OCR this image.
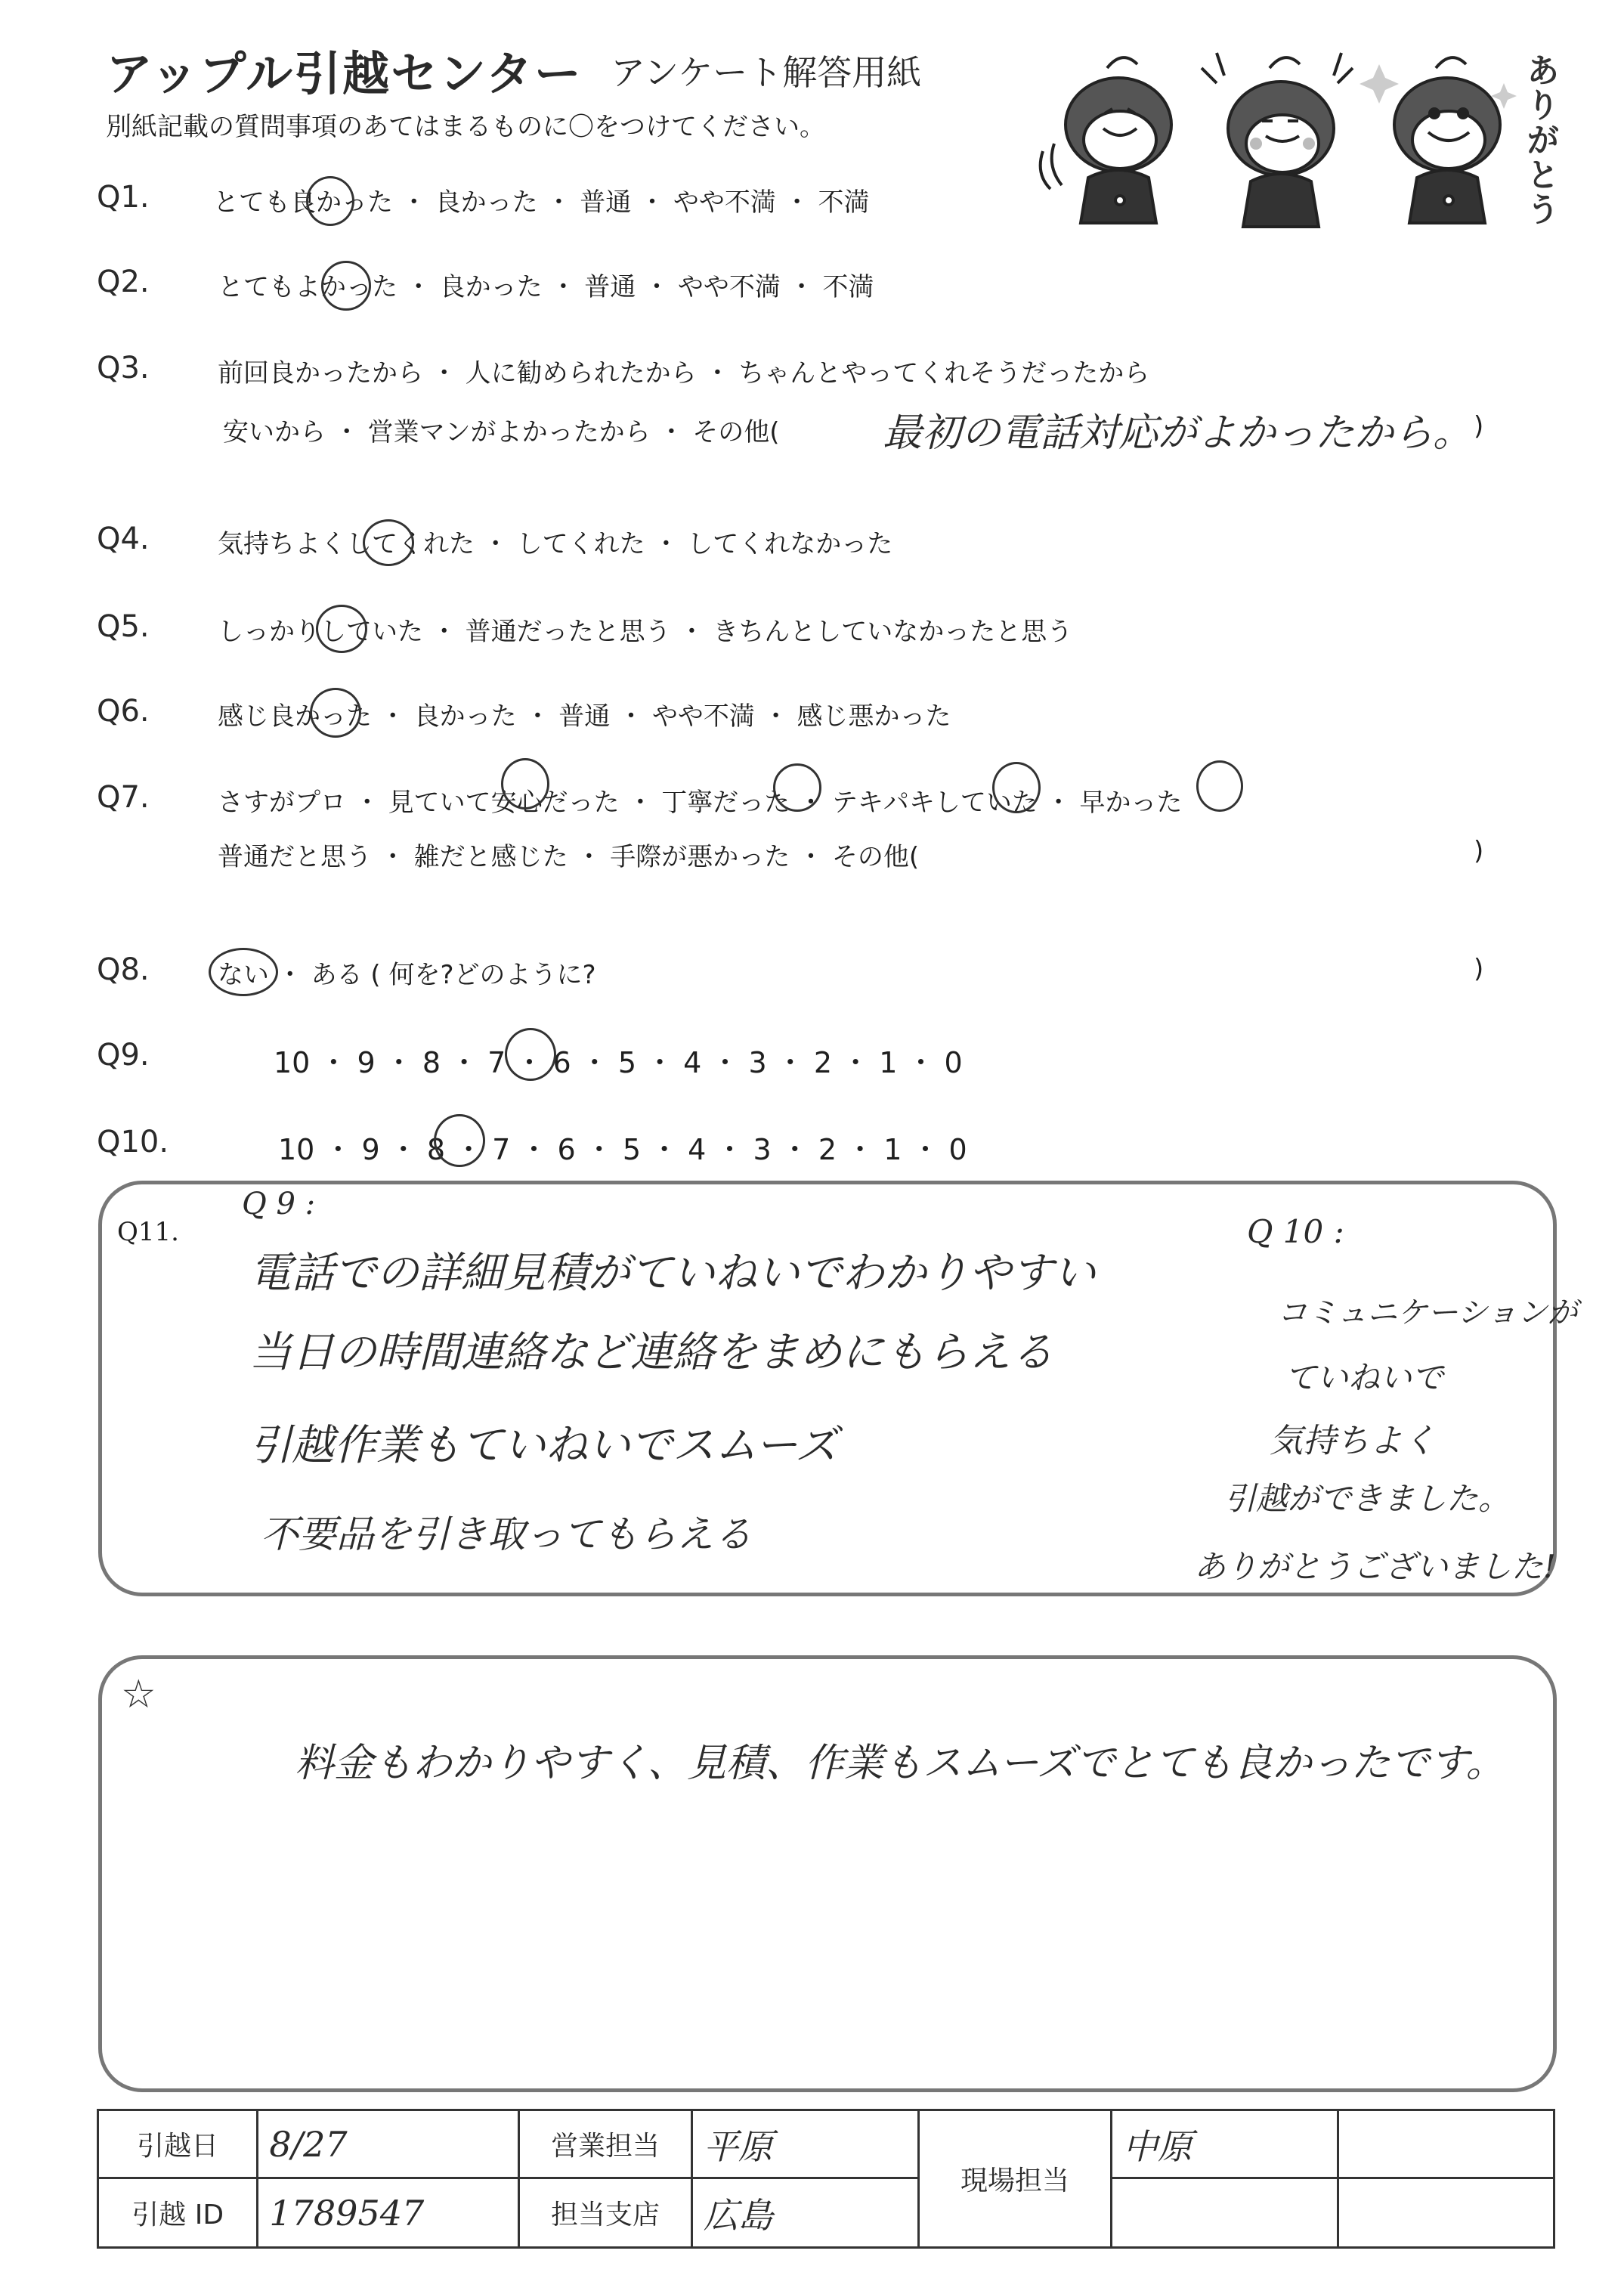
アップル引越センター アンケート解答用紙
別紙記載の質問事項のあてはまるものに〇をつけてください。	ありがとう
Q1. とても良かった ・ 良かった ・ 普通 ・ やや不満 ・ 不満
Q2.	とてもよかった ・ 良かった ・ 普通 ・ やや不満 ・ 不満
Q3.	前回良かったから ・ 人に勧められたから ・ ちゃんとやってくれそうだったから
安いから ・ 営業マンがよかったから ・ その他(	最初の電話対応がよかったから。 )
Q4.	気持ちよくしてくれた ・ してくれた ・ してくれなかった
Q5.	しっかりしていた ・ 普通だったと思う ・ きちんとしていなかったと思う
Q6.	感じ良かった ・ 良かった ・ 普通 ・ やや不満 ・ 感じ悪かった
Q7.	さすがプロ ・ 見ていて安心だった ・ 丁寧だった ・ テキパキしていた ・ 早かった
普通だと思う ・ 雑だと感じた ・ 手際が悪かった ・ その他(	)
Q8.	ない ・ ある ( 何を?どのように?	)
Q9.	10 ・ 9 ・ 8 ・ 7 ・ 6 ・ 5 ・ 4 ・ 3 ・ 2 ・ 1 ・ 0
Q10.	10 ・ 9 ・ 8 ・ 7 ・ 6 ・ 5 ・ 4 ・ 3 ・ 2 ・ 1 ・ 0
Q11.
Q 9 :
電話での詳細見積がていねいでわかりやすい
当日の時間連絡など連絡をまめにもらえる
引越作業もていねいでスムーズ
不要品を引き取ってもらえる
Q 10 :
コミュニケーションが
ていねいで
気持ちよく
引越ができました。
ありがとうございました!
☆
料金もわかりやすく、見積、作業もスムーズでとても良かったです。
引越日	8/27	営業担当	平原	現場担当	中原	
引越 ID	1789547	担当支店	広島			
